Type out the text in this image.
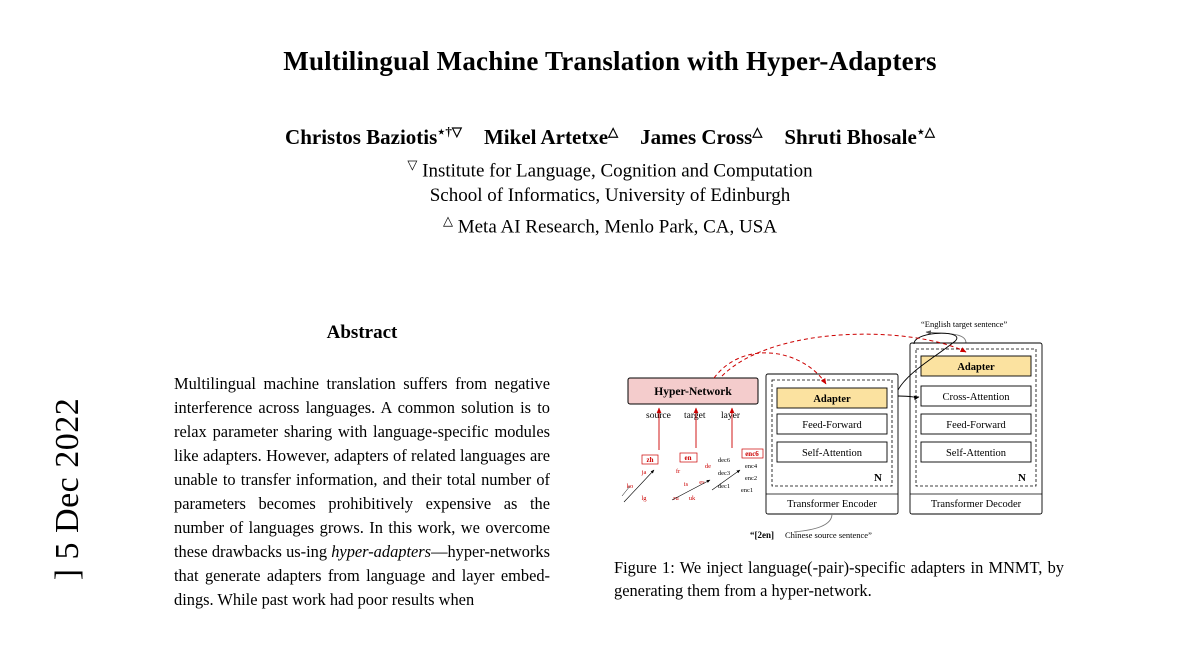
] 5 Dec 2022
Multilingual Machine Translation with Hyper-Adapters
Christos Baziotis⋆†▽ Mikel Artetxe△ James Cross△ Shruti Bhosale⋆△
▽ Institute for Language, Cognition and Computation
School of Informatics, University of Edinburgh
△ Meta AI Research, Menlo Park, CA, USA
Abstract
Multilingual machine translation suffers from negative interference across languages. A common solution is to relax parameter sharing with language-specific modules like adapters. However, adapters of related languages are unable to transfer information, and their total number of parameters becomes prohibitively expensive as the number of languages grows. In this work, we overcome these drawbacks us-ing hyper-adapters—hyper-networks that generate adapters from language and layer embed-dings. While past work had poor results when
“English target sentence”
Adapter
Feed-Forward
Self-Attention
N
Transformer Encoder
Adapter
Cross-Attention
Feed-Forward
Self-Attention
N
Transformer Decoder
Hyper-Network
source target layer
zh
ja
ko
lg
en
de
fr
is es
ru uk
dec6
dec3
dec1
enc6
enc4
enc2
enc1
“[2en] Chinese source sentence”
Figure 1: We inject language(-pair)-specific adapters in MNMT, by generating them from a hyper-network.
